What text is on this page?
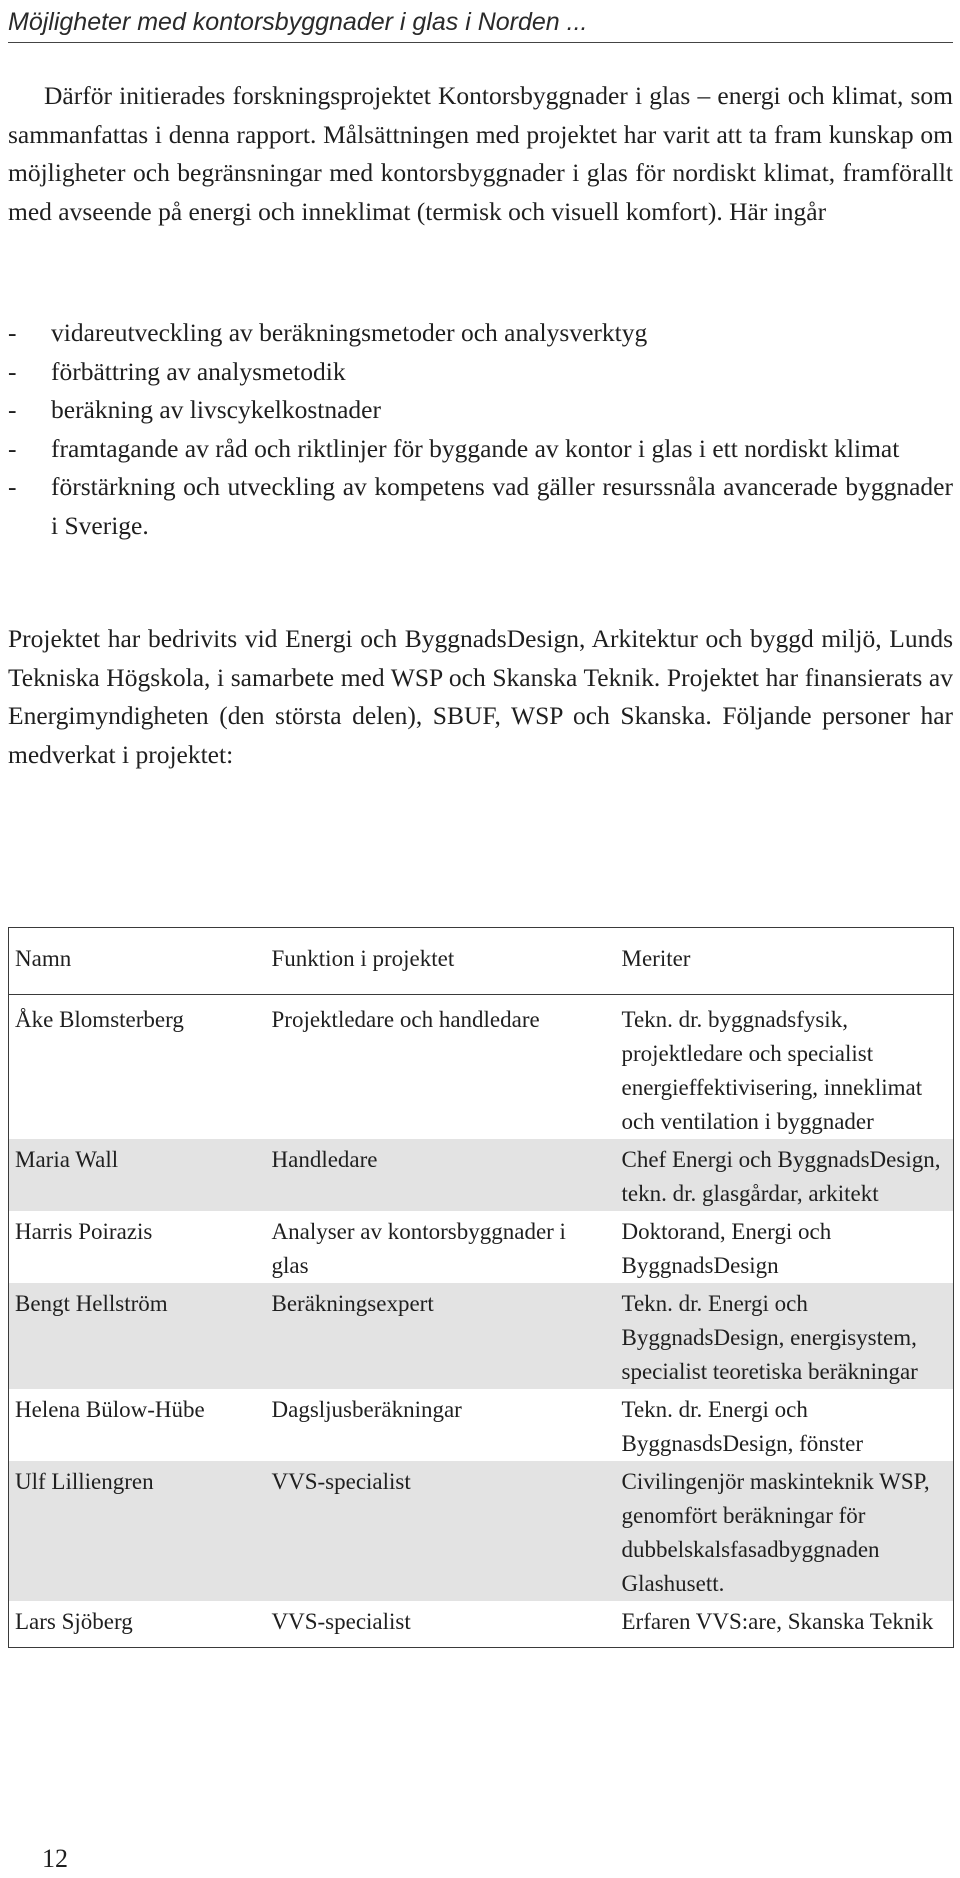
Möjligheter med kontorsbyggnader i glas i Norden ...

Därför initierades forskningsprojektet Kontorsbyggnader i glas – energi och klimat, som sammanfattas i denna rapport. Målsättningen med projektet har varit att ta fram kunskap om möjligheter och begränsningar med kontorsbyggnader i glas för nordiskt klimat, framförallt med avseende på energi och inneklimat (termisk och visuell komfort). Här ingår

-	vidareutveckling av beräkningsmetoder och analysverktyg
-	förbättring av analysmetodik
-	beräkning av livscykelkostnader
-	framtagande av råd och riktlinjer för byggande av kontor i glas i ett nordiskt klimat
-	förstärkning och utveckling av kompetens vad gäller resurssnåla avancerade byggnader i Sverige.

Projektet har bedrivits vid Energi och ByggnadsDesign, Arkitektur och byggd miljö, Lunds Tekniska Högskola, i samarbete med WSP och Skanska Teknik. Projektet har finansierats av Energimyndigheten (den största delen), SBUF, WSP och Skanska. Följande personer har medverkat i projektet:

Namn	Funktion i projektet	Meriter
Åke Blomsterberg	Projektledare och handledare	Tekn. dr. byggnadsfysik, projektledare och specialist energieffektivisering, inneklimat och ventilation i byggnader
Maria Wall	Handledare	Chef Energi och ByggnadsDesign, tekn. dr. glasgårdar, arkitekt
Harris Poirazis	Analyser av kontorsbyggnader i glas	Doktorand, Energi och ByggnadsDesign
Bengt Hellström	Beräkningsexpert	Tekn. dr. Energi och ByggnadsDesign, energisystem, specialist teoretiska beräkningar
Helena Bülow-Hübe	Dagsljusberäkningar	Tekn. dr. Energi och ByggnasdsDesign, fönster
Ulf Lilliengren	VVS-specialist	Civilingenjör maskinteknik WSP, genomfört beräkningar för dubbelskalsfasadbyggnaden Glashusett.
Lars Sjöberg	VVS-specialist	Erfaren VVS:are, Skanska Teknik
12
